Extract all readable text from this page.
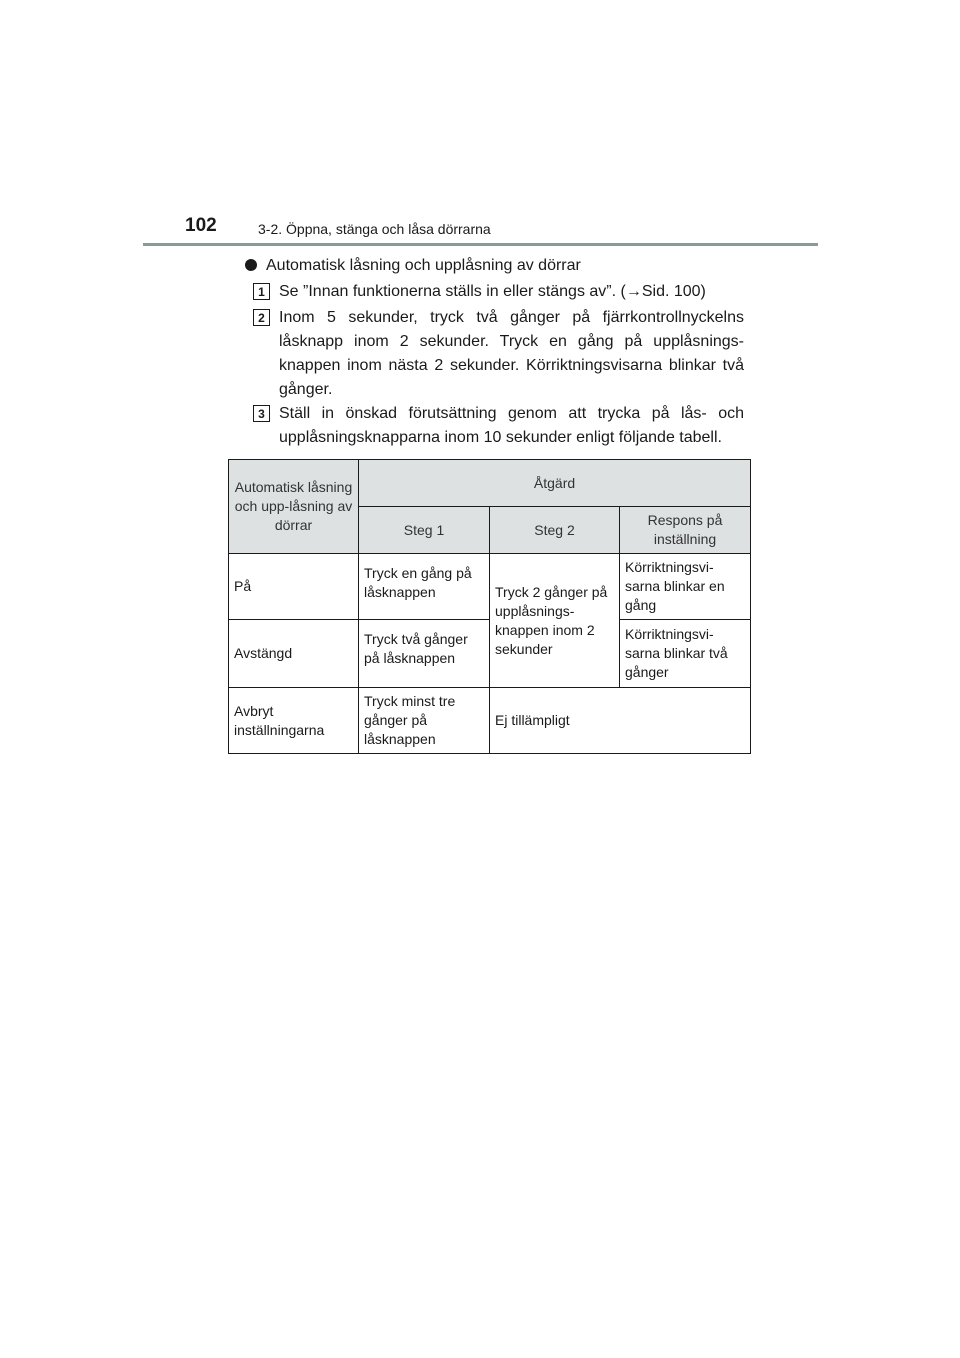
102	3-2. Öppna, stänga och låsa dörrarna
Automatisk låsning och upplåsning av dörrar
1 Se ”Innan funktionerna ställs in eller stängs av”. (→Sid. 100)
2 Inom 5 sekunder, tryck två gånger på fjärrkontrollnyckelns låsknapp inom 2 sekunder. Tryck en gång på upplåsnings-knappen inom nästa 2 sekunder. Körriktningsvisarna blinkar två gånger.
3 Ställ in önskad förutsättning genom att trycka på lås- och upplåsningsknapparna inom 10 sekunder enligt följande tabell.
Automatisk låsning och upp-låsning av dörrar	Åtgärd		
	Steg 1	Steg 2	Respons på inställning
På	Tryck en gång på låsknappen	Tryck 2 gånger på upplåsnings-knappen inom 2 sekunder	Körriktningsvi-sarna blinkar en gång
Avstängd	Tryck två gånger på låsknappen		Körriktningsvi-sarna blinkar två gånger
Avbryt inställningarna	Tryck minst tre gånger på låsknappen	Ej tillämpligt	
